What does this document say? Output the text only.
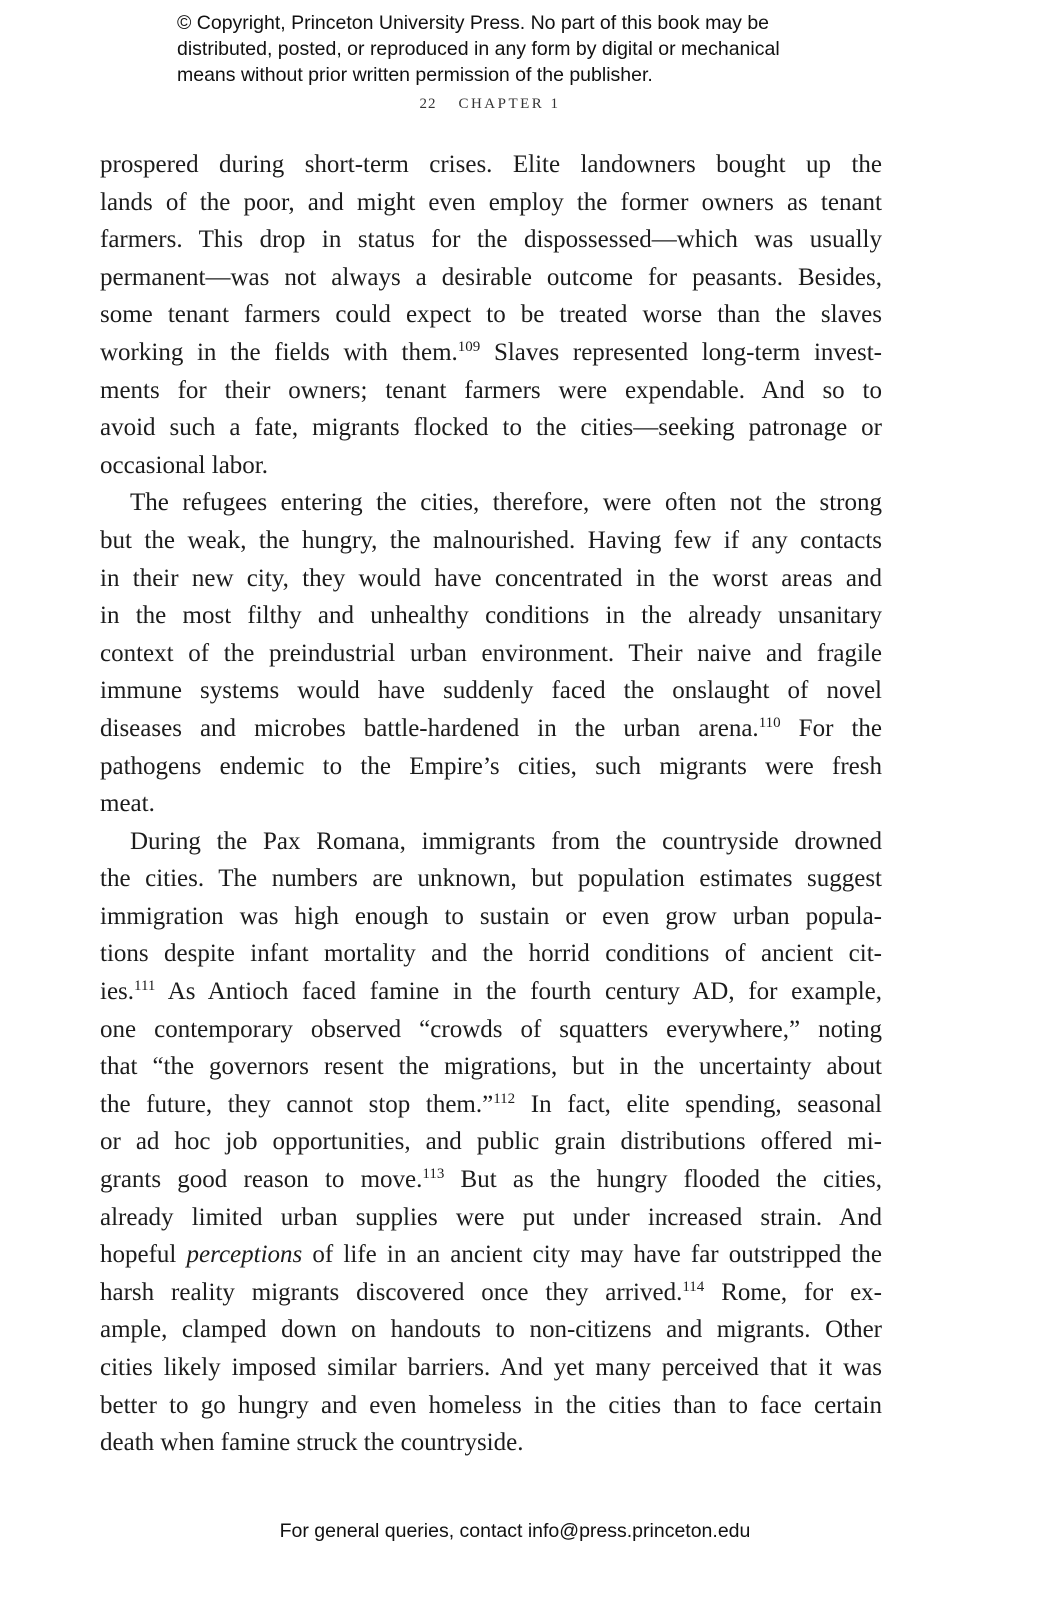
© Copyright, Princeton University Press. No part of this book may be
distributed, posted, or reproduced in any form by digital or mechanical
means without prior written permission of the publisher.
22 CHAPTER 1
prospered during short-term crises. Elite landowners bought up the
lands of the poor, and might even employ the former owners as tenant
farmers. This drop in status for the dispossessed—which was usually
permanent—was not always a desirable outcome for peasants. Besides,
some tenant farmers could expect to be treated worse than the slaves
working in the fields with them.$^{109}$ Slaves represented long-term invest-
ments for their owners; tenant farmers were expendable. And so to
avoid such a fate, migrants flocked to the cities—seeking patronage or
occasional labor.
The refugees entering the cities, therefore, were often not the strong
but the weak, the hungry, the malnourished. Having few if any contacts
in their new city, they would have concentrated in the worst areas and
in the most filthy and unhealthy conditions in the already unsanitary
context of the preindustrial urban environment. Their naive and fragile
immune systems would have suddenly faced the onslaught of novel
diseases and microbes battle-hardened in the urban arena.$^{110}$ For the
pathogens endemic to the Empire’s cities, such migrants were fresh
meat.
During the Pax Romana, immigrants from the countryside drowned
the cities. The numbers are unknown, but population estimates suggest
immigration was high enough to sustain or even grow urban popula-
tions despite infant mortality and the horrid conditions of ancient cit-
ies.$^{111}$ As Antioch faced famine in the fourth century AD, for example,
one contemporary observed “crowds of squatters everywhere,” noting
that “the governors resent the migrations, but in the uncertainty about
the future, they cannot stop them.”$^{112}$ In fact, elite spending, seasonal
or ad hoc job opportunities, and public grain distributions offered mi-
grants good reason to move.$^{113}$ But as the hungry flooded the cities,
already limited urban supplies were put under increased strain. And
hopeful perceptions of life in an ancient city may have far outstripped the
harsh reality migrants discovered once they arrived.$^{114}$ Rome, for ex-
ample, clamped down on handouts to non-citizens and migrants. Other
cities likely imposed similar barriers. And yet many perceived that it was
better to go hungry and even homeless in the cities than to face certain
death when famine struck the countryside.
For general queries, contact info@press.princeton.edu
